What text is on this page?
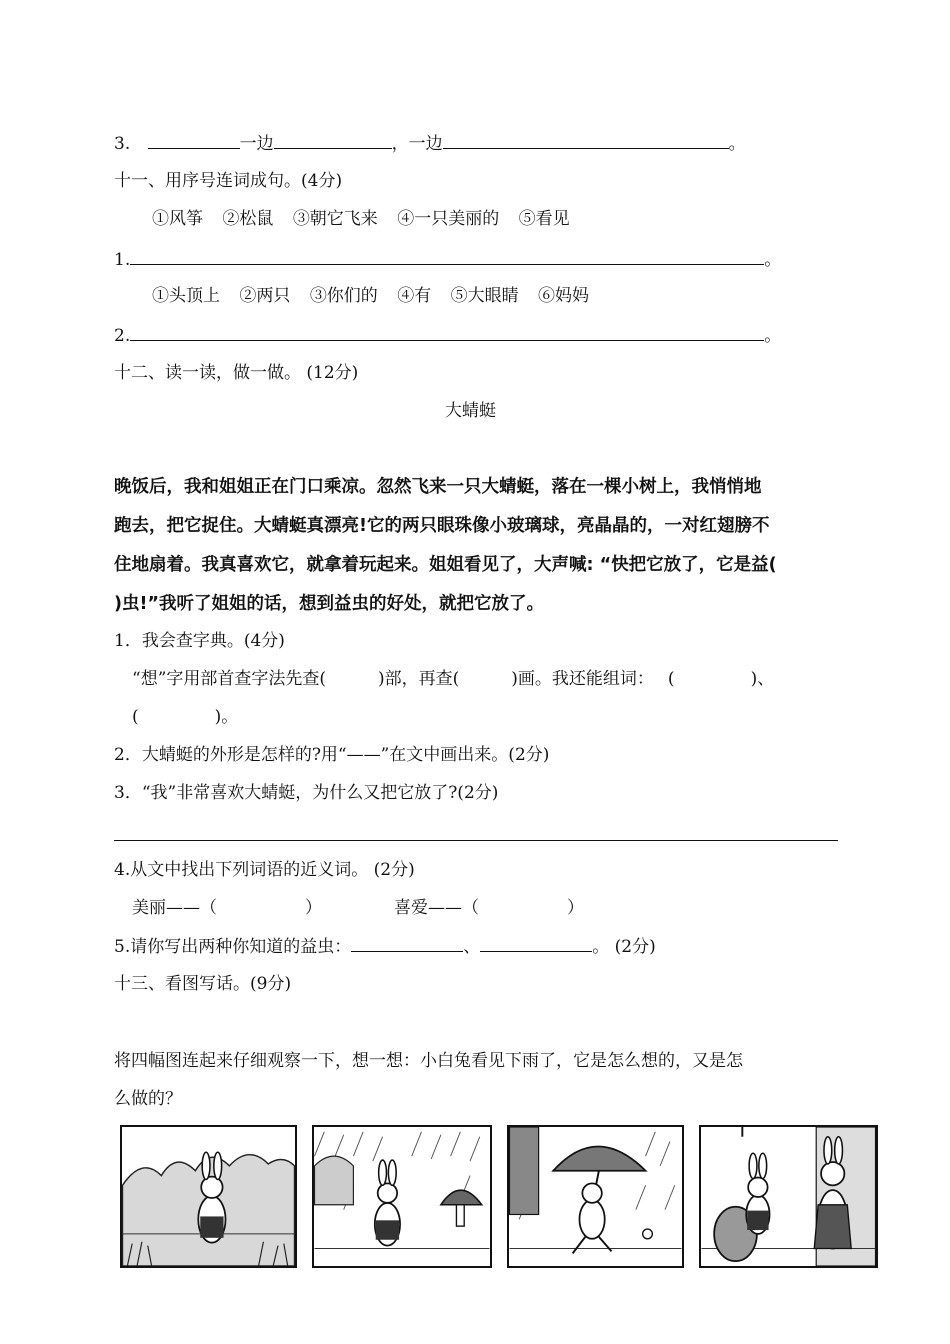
3.	一边	，一边	。
十一、用序号连词成句。(4分)
①风筝 ②松鼠 ③朝它飞来 ④一只美丽的 ⑤看见
1.	。
①头顶上 ②两只 ③你们的 ④有 ⑤大眼睛 ⑥妈妈
2.	。
十二、读一读，做一做。 (12分)
大蜻蜓
晚饭后，我和姐姐正在门口乘凉。忽然飞来一只大蜻蜓，落在一棵小树上，我悄悄地
跑去，把它捉住。大蜻蜓真漂亮!它的两只眼珠像小玻璃球，亮晶晶的，一对红翅膀不
住地扇着。我真喜欢它，就拿着玩起来。姐姐看见了，大声喊: “快把它放了，它是益(
)虫!”我听了姐姐的话，想到益虫的好处，就把它放了。
1．我会查字典。(4分)
“想”字用部首查字法先查(	)部，再查(	)画。我还能组词： (	)、
(	)。
2．大蜻蜓的外形是怎样的?用“——”在文中画出来。(2分)
3．“我”非常喜欢大蜻蜓，为什么又把它放了?(2分)
4.从文中找出下列词语的近义词。 (2分)
美丽——（	）	喜爱——（	）
5.请你写出两种你知道的益虫：	、	。 (2分)
十三、看图写话。(9分)
将四幅图连起来仔细观察一下，想一想：小白兔看见下雨了，它是怎么想的，又是怎
么做的？
